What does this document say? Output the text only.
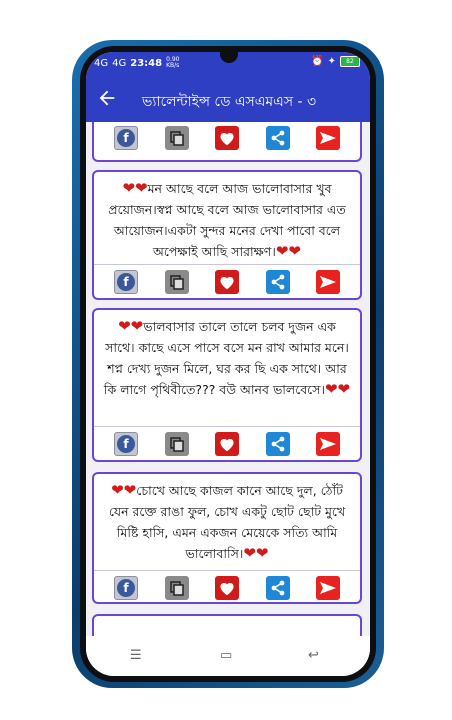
4G 4G 23:48 0.90
KB/s	⏰ ✦	82
ভ্যালেন্টাইন্স ডে এসএমএস - ৩
f
❤❤মন আছে বলে আজ ভালোবাসার খুব প্রয়োজন।স্বপ্ন আছে বলে আজ ভালোবাসার এত আয়োজন।একটা সুন্দর মনের দেখা পাবো বলে অপেক্ষাই আছি সারাক্ষণ।❤❤
f
❤❤ভালবাসার তালে তালে চলব দুজন এক সাথে। কাছে এসে পাসে বসে মন রাখ আমার মনে। শপ্ন দেখ্য দুজন মিলে, ঘর কর ছি এক সাথে। আর কি লাগে পৃথিবীতে??? বউ আনব ভালবেসে।❤❤
f
❤❤চোখে আছে কাজল কানে আছে দুল, ঠোঁট যেন রক্তে রাঙা ফুল, চোখ একটু ছোট ছোট মুখে মিষ্টি হাসি, এমন একজন মেয়েকে সত্যি আমি ভালোবাসি।❤❤
f
☰	▭	↩
